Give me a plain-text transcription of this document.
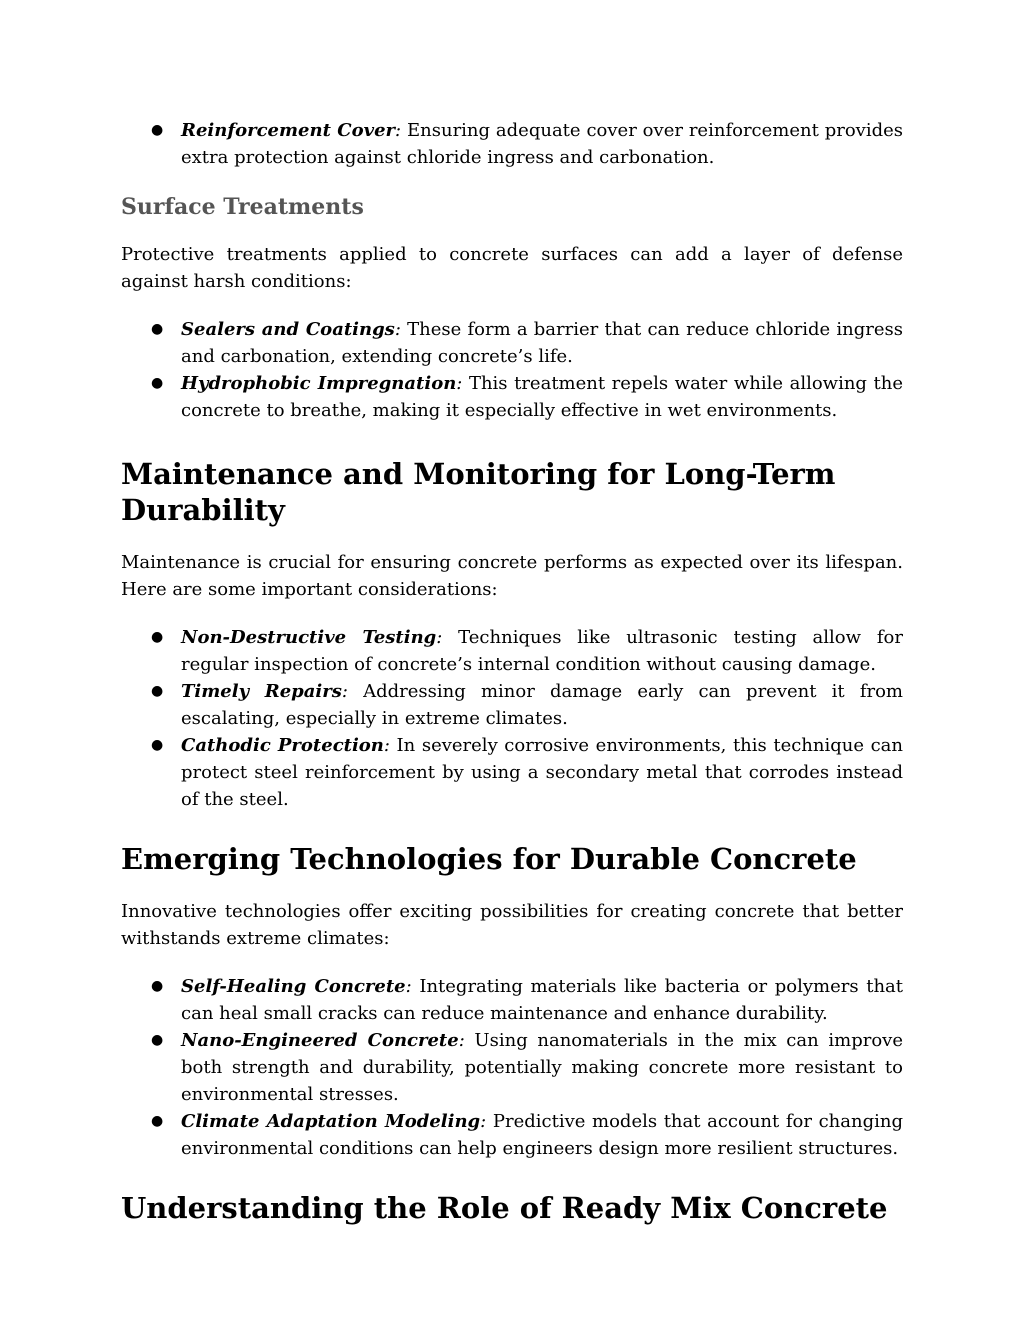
● Reinforcement Cover: Ensuring adequate cover over reinforcement provides extra protection against chloride ingress and carbonation.
Surface Treatments

Protective treatments applied to concrete surfaces can add a layer of defense against harsh conditions:

● Sealers and Coatings: These form a barrier that can reduce chloride ingress and carbonation, extending concrete’s life.
● Hydrophobic Impregnation: This treatment repels water while allowing the concrete to breathe, making it especially effective in wet environments.
Maintenance and Monitoring for Long-Term Durability

Maintenance is crucial for ensuring concrete performs as expected over its lifespan. Here are some important considerations:

● Non-Destructive Testing: Techniques like ultrasonic testing allow for regular inspection of concrete’s internal condition without causing damage.
● Timely Repairs: Addressing minor damage early can prevent it from escalating, especially in extreme climates.
● Cathodic Protection: In severely corrosive environments, this technique can protect steel reinforcement by using a secondary metal that corrodes instead of the steel.
Emerging Technologies for Durable Concrete

Innovative technologies offer exciting possibilities for creating concrete that better withstands extreme climates:

● Self-Healing Concrete: Integrating materials like bacteria or polymers that can heal small cracks can reduce maintenance and enhance durability.
● Nano-Engineered Concrete: Using nanomaterials in the mix can improve both strength and durability, potentially making concrete more resistant to environmental stresses.
● Climate Adaptation Modeling: Predictive models that account for changing environmental conditions can help engineers design more resilient structures.
Understanding the Role of Ready Mix Concrete
